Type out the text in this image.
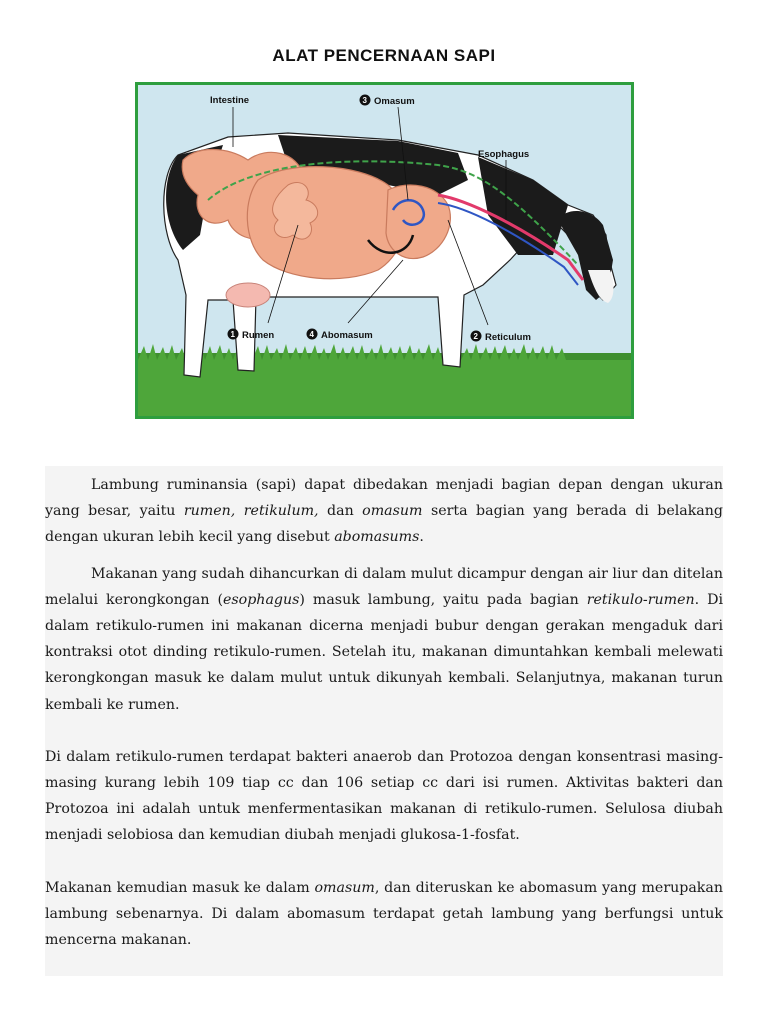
ALAT PENCERNAAN SAPI
Intestine	3 Omasum
Esophagus
1 Rumen	4 Abomasum	2 Reticulum

Lambung ruminansia (sapi) dapat dibedakan menjadi bagian depan dengan ukuran yang besar, yaitu rumen, retikulum, dan omasum serta bagian yang berada di belakang dengan ukuran lebih kecil yang disebut abomasums.

Makanan yang sudah dihancurkan di dalam mulut dicampur dengan air liur dan ditelan melalui kerongkongan (esophagus) masuk lambung, yaitu pada bagian retikulo-rumen. Di dalam retikulo-rumen ini makanan dicerna menjadi bubur dengan gerakan mengaduk dari kontraksi otot dinding retikulo-rumen. Setelah itu, makanan dimuntahkan kembali melewati kerongkongan masuk ke dalam mulut untuk dikunyah kembali. Selanjutnya, makanan turun kembali ke rumen.

Di dalam retikulo-rumen terdapat bakteri anaerob dan Protozoa dengan konsentrasi masing-masing kurang lebih 109 tiap cc dan 106 setiap cc dari isi rumen. Aktivitas bakteri dan Protozoa ini adalah untuk menfermentasikan makanan di retikulo-rumen. Selulosa diubah menjadi selobiosa dan kemudian diubah menjadi glukosa-1-fosfat.

Makanan kemudian masuk ke dalam omasum, dan diteruskan ke abomasum yang merupakan lambung sebenarnya. Di dalam abomasum terdapat getah lambung yang berfungsi untuk mencerna makanan.
